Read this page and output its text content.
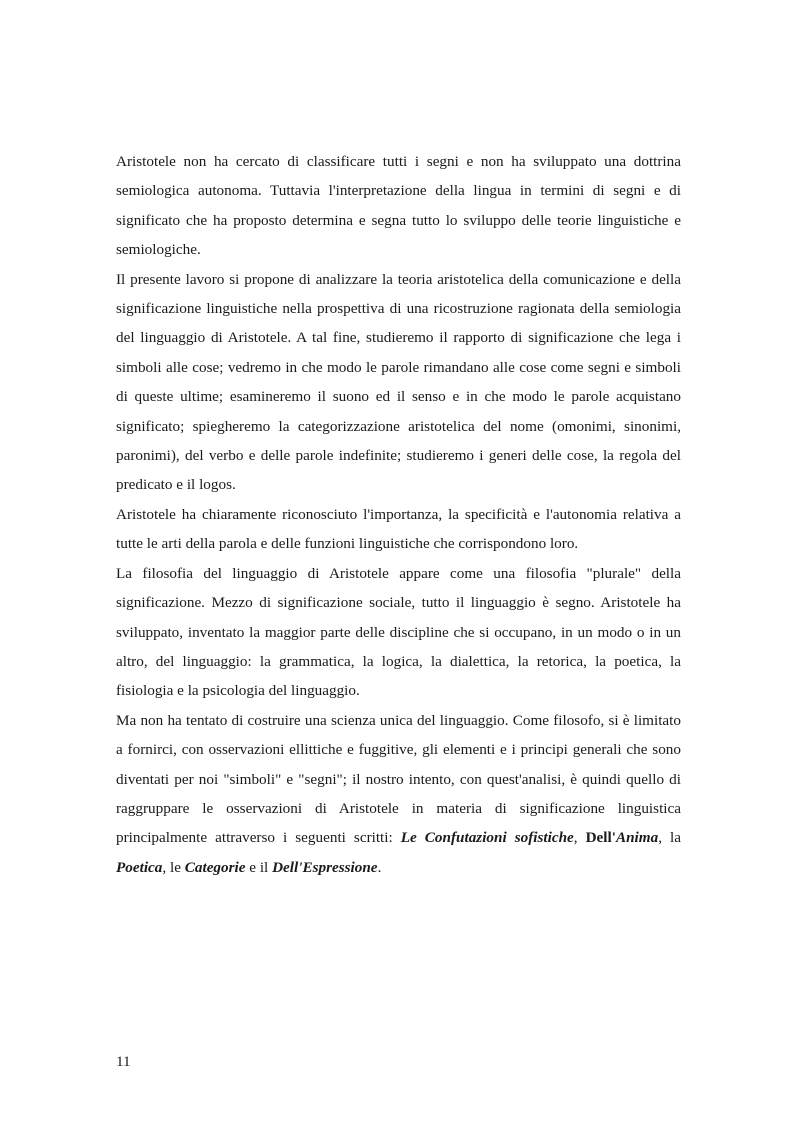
Aristotele non ha cercato di classificare tutti i segni e non ha sviluppato una dottrina semiologica autonoma. Tuttavia l'interpretazione della lingua in termini di segni e di significato che ha proposto determina e segna tutto lo sviluppo delle teorie linguistiche e semiologiche.

Il presente lavoro si propone di analizzare la teoria aristotelica della comunicazione e della significazione linguistiche nella prospettiva di una ricostruzione ragionata della semiologia del linguaggio di Aristotele. A tal fine, studieremo il rapporto di significazione che lega i simboli alle cose; vedremo in che modo le parole rimandano alle cose come segni e simboli di queste ultime; esamineremo il suono ed il senso e in che modo le parole acquistano significato; spiegheremo la categorizzazione aristotelica del nome (omonimi, sinonimi, paronimi), del verbo e delle parole indefinite; studieremo i generi delle cose, la regola del predicato e il logos.

Aristotele ha chiaramente riconosciuto l'importanza, la specificità e l'autonomia relativa a tutte le arti della parola e delle funzioni linguistiche che corrispondono loro.

La filosofia del linguaggio di Aristotele appare come una filosofia "plurale" della significazione. Mezzo di significazione sociale, tutto il linguaggio è segno. Aristotele ha sviluppato, inventato la maggior parte delle discipline che si occupano, in un modo o in un altro, del linguaggio: la grammatica, la logica, la dialettica, la retorica, la poetica, la fisiologia e la psicologia del linguaggio.

Ma non ha tentato di costruire una scienza unica del linguaggio. Come filosofo, si è limitato a fornirci, con osservazioni ellittiche e fuggitive, gli elementi e i principi generali che sono diventati per noi "simboli" e "segni"; il nostro intento, con quest'analisi, è quindi quello di raggruppare le osservazioni di Aristotele in materia di significazione linguistica principalmente attraverso i seguenti scritti: Le Confutazioni sofistiche, Dell'Anima, la Poetica, le Categorie e il Dell'Espressione.

11
